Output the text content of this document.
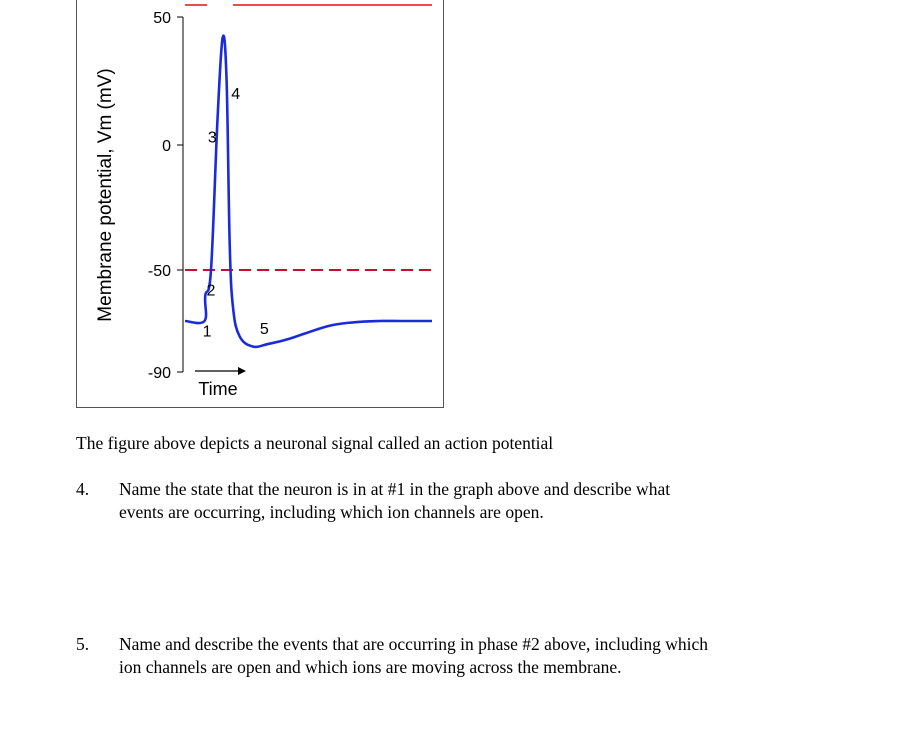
50
0
-50
-90
Membrane potential, Vm (mV)
1
2
3
4
5
Time

The figure above depicts a neuronal signal called an action potential

4. Name the state that the neuron is in at #1 in the graph above and describe what
events are occurring, including which ion channels are open.

5. Name and describe the events that are occurring in phase #2 above, including which
ion channels are open and which ions are moving across the membrane.
